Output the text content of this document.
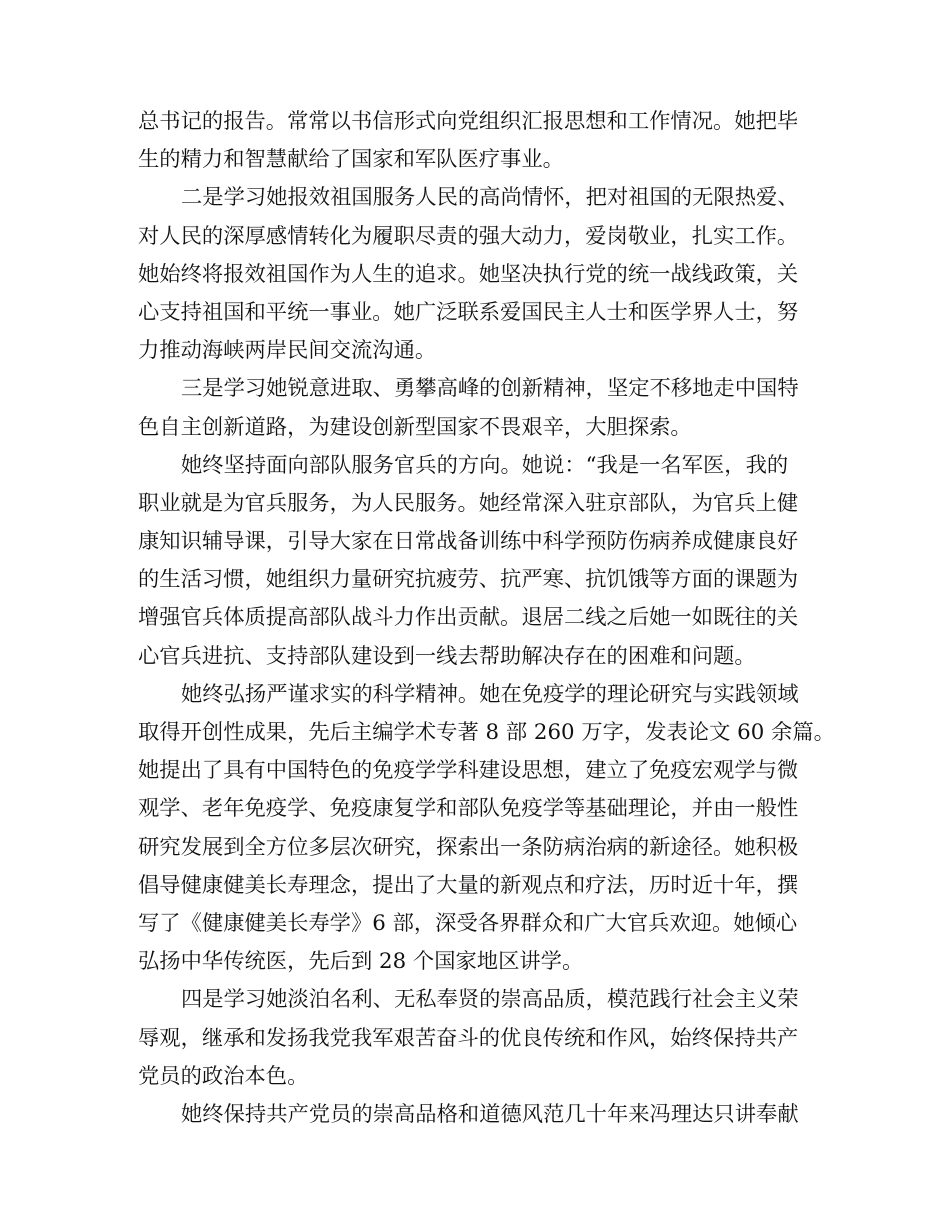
总书记的报告。常常以书信形式向党组织汇报思想和工作情况。她把毕
生的精力和智慧献给了国家和军队医疗事业。
二是学习她报效祖国服务人民的高尚情怀，把对祖国的无限热爱、
对人民的深厚感情转化为履职尽责的强大动力，爱岗敬业，扎实工作。
她始终将报效祖国作为人生的追求。她坚决执行党的统一战线政策，关
心支持祖国和平统一事业。她广泛联系爱国民主人士和医学界人士，努
力推动海峡两岸民间交流沟通。
三是学习她锐意进取、勇攀高峰的创新精神，坚定不移地走中国特
色自主创新道路，为建设创新型国家不畏艰辛，大胆探索。
她终坚持面向部队服务官兵的方向。她说：“我是一名军医，我的
职业就是为官兵服务，为人民服务。她经常深入驻京部队，为官兵上健
康知识辅导课，引导大家在日常战备训练中科学预防伤病养成健康良好
的生活习惯，她组织力量研究抗疲劳、抗严寒、抗饥饿等方面的课题为
增强官兵体质提高部队战斗力作出贡献。退居二线之后她一如既往的关
心官兵进抗、支持部队建设到一线去帮助解决存在的困难和问题。
她终弘扬严谨求实的科学精神。她在免疫学的理论研究与实践领域
取得开创性成果，先后主编学术专著 8 部 260 万字，发表论文 60 余篇。
她提出了具有中国特色的免疫学学科建设思想，建立了免疫宏观学与微
观学、老年免疫学、免疫康复学和部队免疫学等基础理论，并由一般性
研究发展到全方位多层次研究，探索出一条防病治病的新途径。她积极
倡导健康健美长寿理念，提出了大量的新观点和疗法，历时近十年，撰
写了《健康健美长寿学》6 部，深受各界群众和广大官兵欢迎。她倾心
弘扬中华传统医，先后到 28 个国家地区讲学。
四是学习她淡泊名利、无私奉贤的崇高品质，模范践行社会主义荣
辱观，继承和发扬我党我军艰苦奋斗的优良传统和作风，始终保持共产
党员的政治本色。
她终保持共产党员的崇高品格和道德风范几十年来冯理达只讲奉献
